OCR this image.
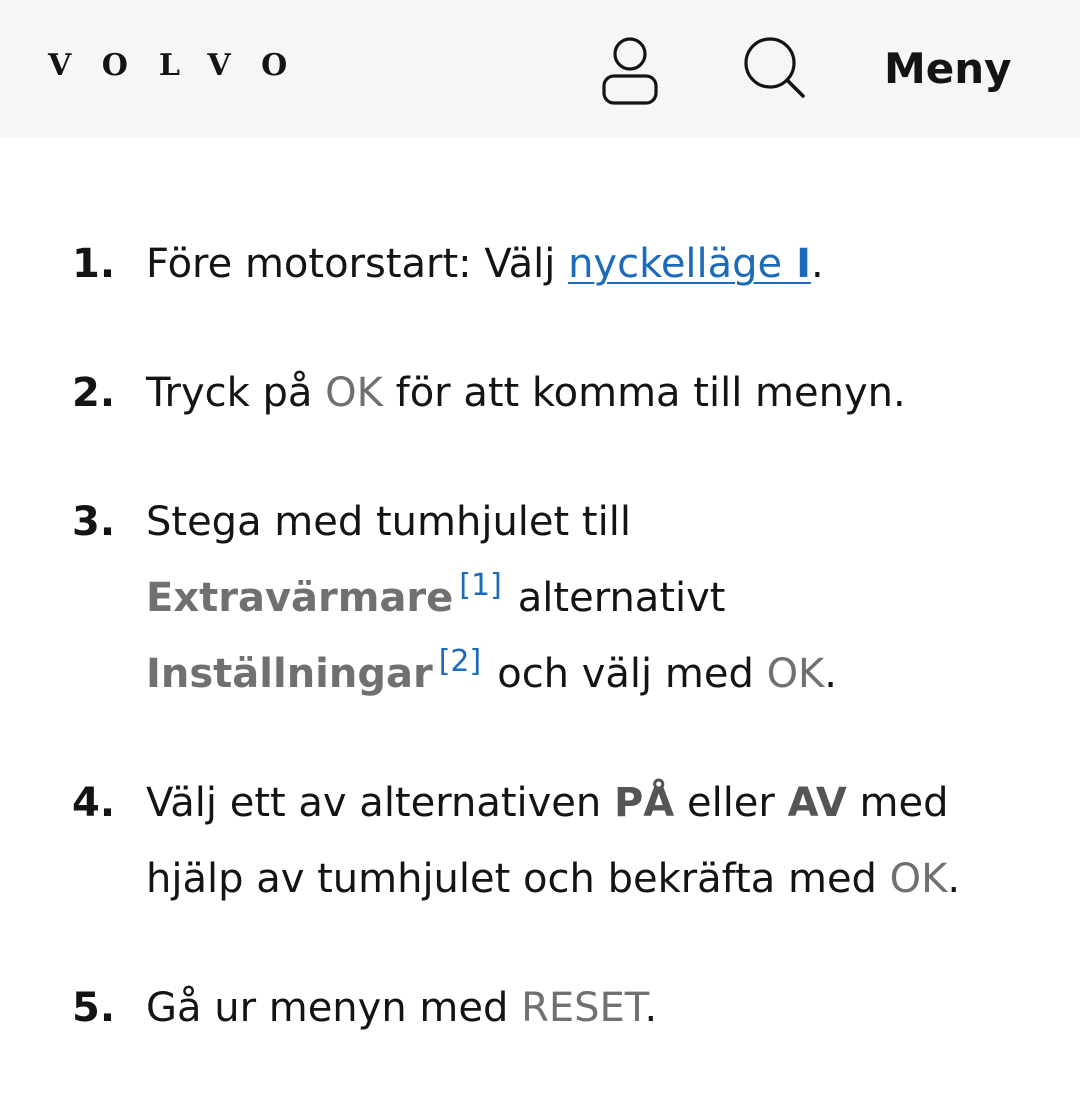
VOLVO	Meny
1. Före motorstart: Välj nyckelläge I.
2. Tryck på OK för att komma till menyn.
3. Stega med tumhjulet till
Extravärmare [1] alternativt
Inställningar [2] och välj med OK.
4. Välj ett av alternativen PÅ eller AV med hjälp av tumhjulet och bekräfta med OK.
5. Gå ur menyn med RESET.
